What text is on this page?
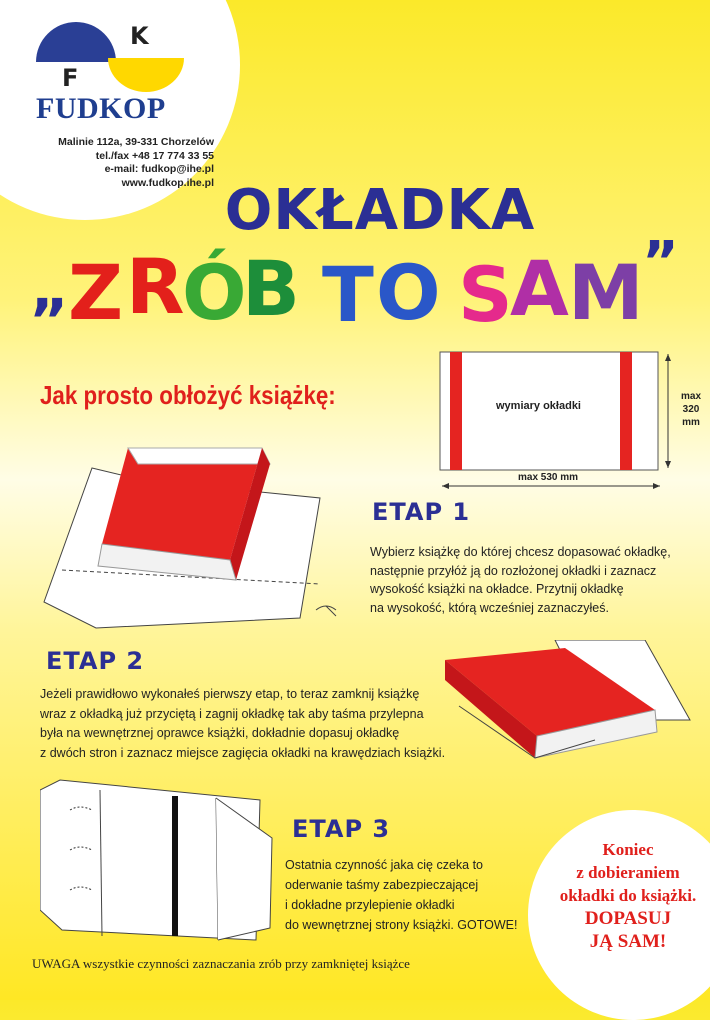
K
F
FUDKOP
Malinie 112a, 39-331 Chorzelów
tel./fax +48 17 774 33 55
e-mail: fudkop@ihe.pl
www.fudkop.ihe.pl OKŁADKA
„
Z R
Ó
B T O S
A M
”
Jak prosto obłożyć książkę:	wymiary okładki
max 530 mm
max
320 mm
ETAP 1
Wybierz książkę do której chcesz dopasować okładkę,
następnie przyłóż ją do rozłożonej okładki i zaznacz
wysokość książki na okładce. Przytnij okładkę
na wysokość, którą wcześniej zaznaczyłeś.
ETAP 2
Jeżeli prawidłowo wykonałeś pierwszy etap, to teraz zamknij książkę
wraz z okładką już przyciętą i zagnij okładkę tak aby taśma przylepna
była na wewnętrznej oprawce książki, dokładnie dopasuj okładkę
z dwóch stron i zaznacz miejsce zagięcia okładki na krawędziach książki.
ETAP 3
Ostatnia czynność jaka cię czeka to
oderwanie taśmy zabezpieczającej
i dokładne przylepienie okładki
do wewnętrznej strony książki. GOTOWE!
UWAGA wszystkie czynności zaznaczania zrób przy zamkniętej książce
Koniec
z dobieraniem
okładki do książki.
DOPASUJ
JĄ SAM!
